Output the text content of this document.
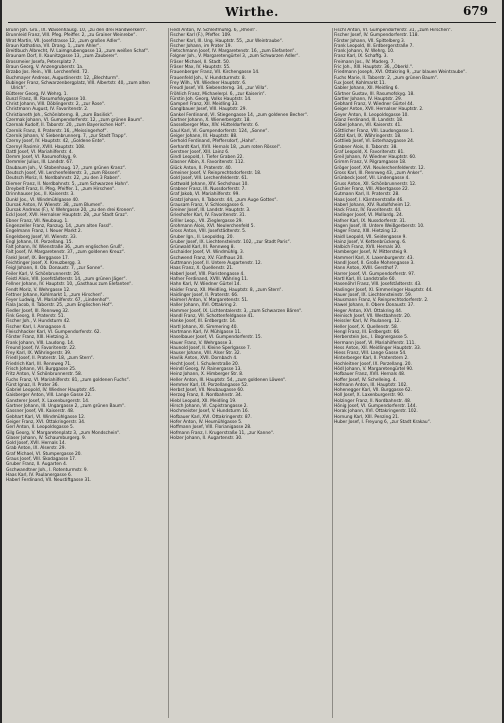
Wirthe.	679

Brunn Joh. Gro., IX. Waisenhausg. 10, „zu den drei Handwerkern“.

Brunnleid Franz, VIII. Pfeg. Pfeiffer. 2, „zu Grainer Weinrebe“.

Wrat Martin, VII. Josefstrasse 12, „zum großen Adler“.

Braun Kathatina, VII. Drang. 1, „zum Ahler“.

Breitlbuch Albrecht, IV. Laimgrubengasse 13, „zum weißen Schaf“.

Braunam Dorf, II. Kaunitzgasse 13, „zum Zauberer“.

Brossmeier Josefa, Petersplatz 7.

Braun Georg, V. Anzengruberstr. 1a.

Brzabo Jos. Rein., VIII. Lerchenfeld. 72.

Buchmayer Andreas, Augustinerstr. 12, „Blechturm“.

Bubinger Franz, Schwarzenbergplatz, VIII. Albertstr. 40, „zum alten Ulrich“.

Bütterer Georg, IV. Wehrg. 1.

Bunzl Franz, III. Rasumofskygasse 10.

Christ Johann, VIII. Döblingerstr. 2, „zur Rose“.

Christmann August, IV. Favoritenstr. 2.

Christianeth Joh., Schönlaterng. 8, „zum Basilisk“.

Czermak Johann, VI. Gumpendorferstr. 12, „zum grünen Baum“.

Czernak Rudolf, II. Taborstr. 20, „zum Bayerischen Hof“.

Czernik Franz, II. Praterstr. 16, „Meissingerhof“.

Czernik Johann, V. Siebenbrunnerg. 7, „zur Stadt Trapp“.

Czerny Josef, IV. Hauptstr. 42, „Goldene Ente“.

Czernyl Rasimir, XVIII. Hauptstr. 108.

Dattl Josef, VI. Mariahilferstr. 4.

Demm Josef, VI. Rasumofskyg. 9.

Demmler Julius, III. Landstr. 67.

Daubaum Joh., V. Stobenhaug. 17, „zum grünen Kranz“.

Deutsch Josef, VII. Lerchenfelderstr. 3, „zum Rösserl“.

Deutsch Moriz, II. Nordbahnstr. 22, „zu den 3 Raben“.

Diemer Franz, II. Nordbahnstr. 5, „zum Schwarzen Hahn“.

Dreybelt Franz, II. Pfeg. Pfeiffer. 1, „zum Hirschen“.

Drinnhauser Jos., II. Kaiserstr. 3.

Dunkl Jos., VI. Windmühlgasse 40.

Dursak Anton, IV. Wienstr. 38, „zum Blumen“.

Dursak Andreas (F.), V. Wehrgasse 20, „zu den drei Kronen“.

Eckl Josef, XVII. Hernalser Hauptstr. 28, „zur Stadt Graz“.

Ebner Franz, VII. Neubaug. 1.

Engenzeller Franz, Ranzug. 14, „zum alten Fassl“.

Engelmann Franz, I. Neuer Markt 2.

Engelsberg Josef, VI. Wienstr. 33.

Engl Johann, IX. Porzellang. 15.

Falt Johann, IV. Wienstraße 36, „zum englischen Gruß“.

Falt Josef, IV. Margaretenstr. 37, „zum goldenen Kreuz“.

Fankl Josef, IX. Berggasse 17.

Feichtinger Josef, X. Kreuzbergg. 3.

Feigl Johann, II. Ob. Donaustr. 7, „zur Sonne“.

Feiler Karl, V. Schönbrunnerstr. 26.

Feistl Alois, VIII. Josefstädterstr. 14, „zum grünen Jäger“.

Fellner Johann, IV. Hauptstr. 10, „Gasthaus zum Elefanten“.

Fendt Moriz, V. Wehrgasse 12.

Fettner Johann, Kohlmarkt 1, „zum Hirschen“.

Feyer Ludwig, VI. Mariahilferstr. 67, „Lindenhof“.

Fiala Jacob, II. Taborstr. 25, „zum Englischen Hof“.

Fiedler Josef, III. Rennweg 32.

Fink Georg, II. Praterstr. 51.

Fischer Joh., V. Hundsturm 42.

Fischer Karl, I. Annagasse 4.

Fleischhacker Karl, VI. Gumpendorferstr. 62.

Förster Franz, XIII. Hietzing 3.

Frank Johann, VIII. Laudong. 14.

Freund Josef, IV. Favoritenstr. 22.

Frey Karl, IX. Währingerstr. 39.

Friedl Josef, II. Praterstr. 18, „zum Stern“.

Friedrich Karl, III. Rennweg 71.

Frisch Johann, VII. Burggasse 25.

Fritz Anton, V. Schönbrunnerstr. 58.

Fuchs Franz, VI. Mariahilferstr. 81, „zum goldenen Fuchs“.

Fürst Ignaz, II. Prater 36.

Gabriel Leopold, IV. Wiedner Hauptstr. 45.

Gaisberger Anton, VIII. Lange Gasse 22.

Gansterer Josef, X. Laxenburgerstr. 14.

Gartner Johann, III. Ungargasse 2, „zum grünen Baum“.

Gassner Josef, VII. Kaiserstr. 48.

Gebhart Karl, VI. Windmühlgasse 12.

Geiger Franz, XVI. Ottakringerstr. 34.

Gerl Anton, II. Leopoldsgasse 5.

Gilg Georg, V. Margaretenplatz 3, „zum Mondschein“.

Glaser Johann, IV. Schaumburgerg. 9.

Gold Josef, XVII. Hernals 14.

Grab Anton, IX. Alserstr. 29.

Graf Michael, VI. Stumpergasse 20.

Graus Josef, VIII. Skodagasse 17.

Gruber Franz, II. Augarten 4.

Gschwandtner Joh., I. Rotenturmstr. 9.

Haas Karl, IV. Paulanergasse 6.

Haberl Ferdinand, VII. Neustiftgasse 31.

Fiedl Anton, IV. Schleifmühlg. 6, „Rhein“.

Fischer Karl (F.), Pfeffer. 109.

Fischer Karl, III. Ung. Hauptstr. 55, „zur Weintraube“.

Fischer Johann, im Prater 19.

Fletschmann Josef, IV. Margaretenstr. 16, „zum Elefanten“.

Folgner Joh., V. Margaretengürtel 3, „zum Schwarzen Adler“.

Fräser Michael, II. Stadt. 50.

Fräser Max, IV. Hauptstr. 55.

Frauenberger Franz, VII. Kirchengasse 14.

Frauenfeld Joh., V. Hundsturmstr. 8.

Frey Wilh., VII. Wiedner Hauptstr. 6.

Freudl Josef, VII. Siebensterng. 34, „zur Villa“.

Fröhlich Franz, Michaelerpl. 6, „zur Kaiserin“.

Fürstin Joh. Georg, Volks Hauptstr. 14.

Gamperl Franz, XII. Meidling 33.

Ganglbauer Josef, VIII. Hauptstr. 29.

Gankel Ferdinand, VI. Stiegengasse 14, „zum goldenen Becher“.

Gartner Johann, X. Wienerbergstr. 18.

Gasselberger Max, XIV. Hütteldorferstr. 6.

Gaul Karl, VI. Gumpendorferstr. 124, „Sonne“.

Geiger Johann, III. Hauptstr. 88.

Gerhold Ferdinand, Pfeffersdorf, „Hahn“.

Gerhardt Karl, XVII. Hernals 18, „zum roten Rössel“.

Gerstner Josef, XIII. Lainz 6.

Gindl Leopold, I. Tiefer Graben 22.

Glasner Albin, X. Favoritenstr. 112.

Glück Anton, II. Praterstr. 40.

Gmeiner Josef, V. Reinprechtsdorferstr. 18.

Gold Josef, VIII. Lerchenfelderstr. 61.

Gottwald Johann, XIV. Sechshaus 10.

Grabner Franz, IX. Nussdorferstr. 7.

Graf Jakob, VI. Mariahilferstr. 99.

Gratzl Johann, II. Taborstr. 44, „zum Auge Gottes“.

Grausam Franz, V. Schlossgasse 6.

Greiner Josef, III. Landstr. Hauptstr. 3.

Grieshofer Karl, IV. Favoritenstr. 31.

Griller Leop., VII. Zieglergasse 29.

Grohmann Alois, XVI. Neulerchenfeld 5.

Gross Anton, VIII. Josefstädterstr. 5.

Gruber Ign., II. Leopoldsg. 20.

Gruber Josef, IX. Liechtensteinstr. 102, „zur Stadt Paris“.

Grünwald Karl, III. Rennweg 8.

Gschaider Josef, VI. Windmühlg. 3.

Gschwend Franz, XV. Fünfhaus 20.

Guttmann Josef, II. Untere Augartenstr. 12.

Haas Franz, X. Quellenstr. 21.

Haberl Josef, VIII. Piaristengasse 4.

Hafner Ferdinand, XVIII. Währing 11.

Hahn Karl, IV. Wiedner Gürtel 14.

Haider Franz, XII. Meidling, Hauptstr. 8, „zum Stern“.

Haidinger Josef, II. Praterstr. 66.

Haimerl Anton, V. Margaretenstr. 51.

Haller Johann, XVI. Ottakring 2.

Hammer Josef, IX. Lichtentalerstr. 3, „zum Schwarzen Bären“.

Handl Franz, VII. Schottenfeldgasse 41.

Hanke Josef, III. Erdbergstr. 14.

Hartl Johann, XI. Simmering 40.

Hartmann Karl, IV. Mühlgasse 11.

Haselbauer Josef, VI. Gumpendorferstr. 15.

Hauer Franz, V. Wehrgasse 3.

Haunold Josef, II. Kleine Sperlgasse 7.

Hauser Johann, VIII. Alser Str. 32.

Havlik Anton, XVII. Dornbach 4.

Hecht Josef, I. Schulerstraße 20.

Heindl Georg, IV. Rainergasse 13.

Heinz Johann, X. Himberger Str. 8.

Heller Anton, III. Hauptstr. 54, „zum goldenen Löwen“.

Hemmer Karl, IX. Porzellangasse 52.

Herbst Josef, VII. Neubaugasse 60.

Herzog Franz, II. Nordbahnstr. 34.

Hiebl Leopold, XII. Meidling 19.

Hirsch Johann, VI. Capistrangasse 2.

Hochmeister Josef, V. Hundsturm 16.

Hofbauer Karl, XVI. Ottakringerstr. 87.

Hofer Anton, IV. Heumühlgasse 5.

Hoffmann Josef, VIII. Florianigasse 28.

Hofmann Franz, I. Krugerstraße 11, „zur Kanne“.

Holzer Johann, II. Augartenstr. 30.

Fischl Anton, VI. Gumpendorferstr. 31, „zum Hirschen“.

Fischer Josef, IV. Gumpendorferstr. 118.

Förster Johann, VII. Spittelberg 3.

Frank Leopold, III. Erdbergerstraße 7.

Frank Johann, IV. Wehrg. 10.

Franz Karl, IX. Schaffg. 3.

Freimann Jos., IV. Maderg. 7.

Fric Joh., XIII. Hauptstr. 36, „Oberkl.“.

Friedmann Joseph, XVI. Ottakring 9, „zur blauen Weintraube“.

Fuchs Marie, II. Taborstr. 2, „zum grünen Baum“.

Fux Josef, Kohlmarkt 11.

Gabler Johann, XII. Meidling 6.

Gärtner Gustav, III. Rasumofskyg. 18.

Gartler Johann, IV. Hauptstr. 29.

Gebhard Franz, V. Wiedner Gürtel 44.

Geiger Anton, XVII. Hernalser Hauptstr. 2.

Geyer Anton, II. Leopoldsgasse 10.

Glanz Ferdinand, III. Landstr. 18.

Göbel Johann, VII. Kaiserstr. 41.

Göttlicher Franz, VIII. Laudongasse 1.

Götzl Karl, IX. Währingerstr. 18.

Gottlieb Josef, VI. Esterhazygasse 24.

Grabner Alois, II. Taborstr. 38.

Graf Leopold, X. Favoritenstr. 81.

Greil Johann, IV. Wiedner Hauptstr. 60.

Grimm Franz, V. Pilgramgasse 18.

Gröger Josef, XVI. Neulerchenfelderstr. 12.

Gross Karl, III. Rennweg 43, „zum Anker“.

Grünbeck Josef, VII. Lindengasse 4.

Gruss Anton, XII. Schönbrunnerstr. 12.

Gschier Franz, VIII. Albertgasse 22.

Gutmann Karl, II. Praterstr. 28.

Haas Josef, I. Kärntnerstraße 46.

Haberl Johann, XIV. Rudolfsheim 12.

Hack Franz, IV. Favoritenstr. 44.

Hadinger Josef, VI. Mollardg. 24.

Hafner Karl, IX. Nussdorferstr. 31.

Hagen Josef, III. Untere Weißgerberstr. 10.

Hager Franz, XIII. Hietzing 12.

Haidl Leopold, VII. Seidengasse 9.

Hainz Josef, V. Kettenbrückeng. 6.

Halbich Franz, XVII. Hernals 30.

Hamberger Josef, IV. Mittersteig 9.

Hammerl Karl, X. Laxenburgerstr. 43.

Handl Josef, II. Große Mohrengasse 3.

Hann Anton, XVIII. Gersthof 7.

Harrer Josef, VI. Gumpendorferstr. 97.

Hartl Karl, III. Landstraße 60.

Hasenöhrl Franz, VIII. Josefstädterstr. 43.

Haslinger Josef, XI. Simmeringer Hauptstr. 44.

Hauer Josef, IX. Liechtensteinstr. 59.

Hausmann Franz, V. Reinprechtsdorferstr. 2.

Hawel Johann, II. Obere Donaustr. 37.

Heger Anton, XVI. Ottakring 44.

Heinisch Josef, VII. Westbahnstr. 20.

Heissler Karl, IV. Paulanerg. 12.

Heller Josef, X. Quellenstr. 58.

Hengl Franz, III. Erdbergstr. 66.

Herberstein Jos., I. Bognergasse 5.

Hermann Josef, VI. Mariahilferstr. 111.

Hess Anton, XII. Meidlinger Hauptstr. 33.

Hiess Franz, VIII. Lange Gasse 54.

Hinterberger Karl, II. Praterstern 2.

Hochleitner Josef, IX. Porzellang. 20.

Hödl Johann, V. Margaretengürtel 90.

Hofbauer Franz, XVII. Hernals 48.

Hoffer Josef, IV. Schelleing. 4.

Hofmann Anton, III. Hauptstr. 102.

Hohenegger Karl, VII. Burggasse 62.

Holl Josef, X. Laxenburgerstr. 90.

Holzinger Franz, II. Nordbahnstr. 48.

Hönig Josef, VI. Gumpendorferstr. 144.

Horak Johann, XVI. Ottakringerstr. 102.

Hornung Karl, XIII. Penzing 21.

Huber Josef, I. Freyung 6, „zur Stadt Krakau“.
